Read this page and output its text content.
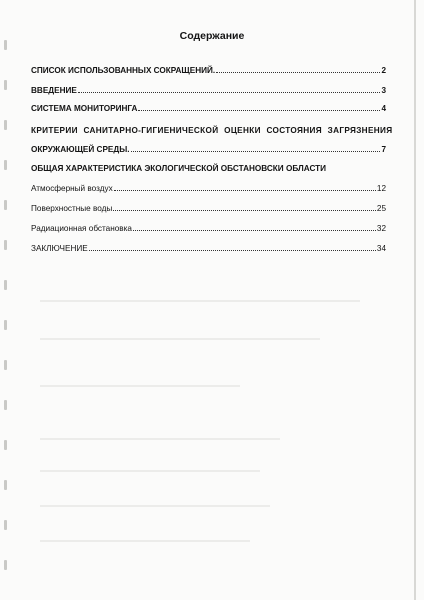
Содержание
СПИСОК ИСПОЛЬЗОВАННЫХ СОКРАЩЕНИЙ.	2
ВВЕДЕНИЕ	3
СИСТЕМА МОНИТОРИНГА	4
КРИТЕРИИ САНИТАРНО-ГИГИЕНИЧЕСКОЙ ОЦЕНКИ СОСТОЯНИЯ ЗАГРЯЗНЕНИЯ
ОКРУЖАЮЩЕЙ СРЕДЫ.	7
ОБЩАЯ ХАРАКТЕРИСТИКА ЭКОЛОГИЧЕСКОЙ ОБСТАНОВСКИ ОБЛАСТИ
Атмосферный воздух	12
Поверхностные воды	25
Радиационная обстановка	32
ЗАКЛЮЧЕНИЕ	34
